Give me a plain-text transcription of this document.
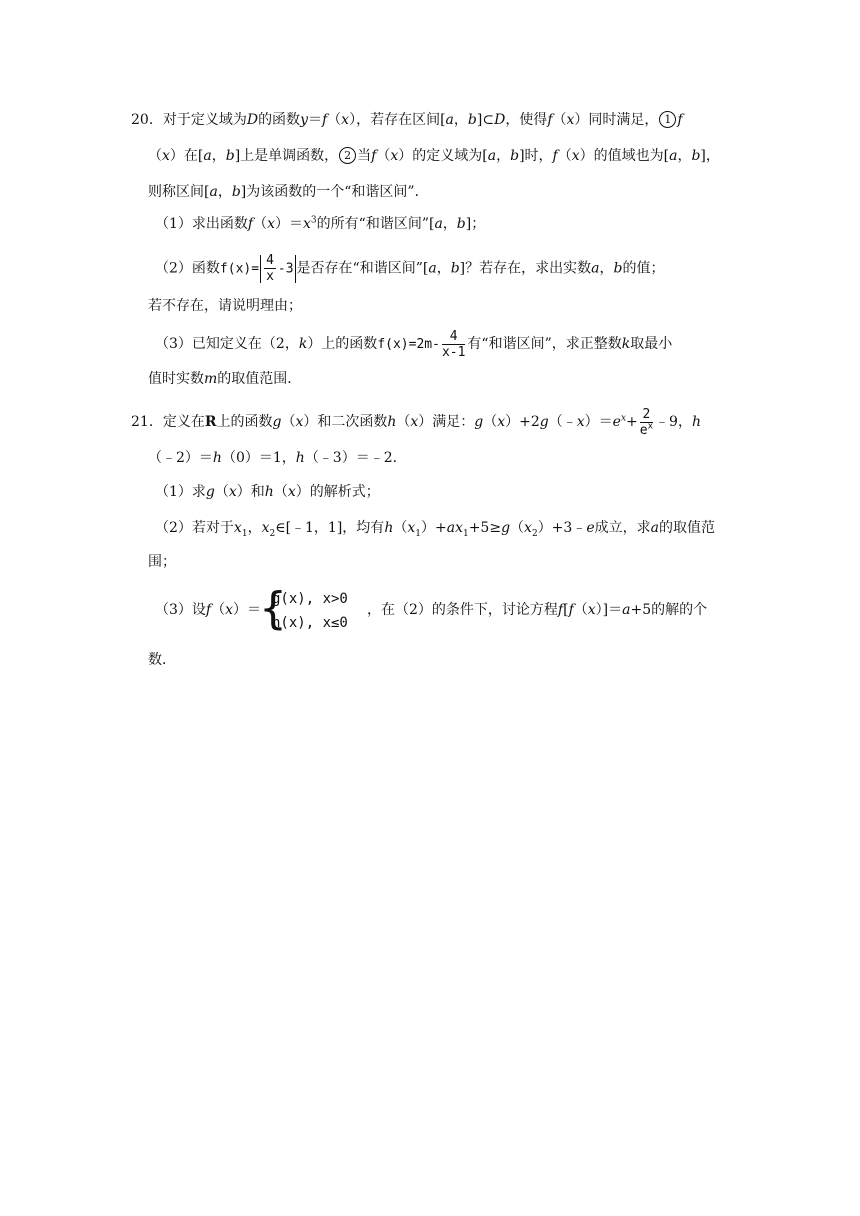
20．对于定义域为D的函数y＝f（x），若存在区间[a，b]⊂D，使得f（x）同时满足， 1 f
（x）在[a，b]上是单调函数， 2 当f（x）的定义域为[a，b]时，f（x）的值域也为[a，b]，
则称区间[a，b]为该函数的一个“和谐区间”．
（1）求出函数$f(x)=x^3$的所有“和谐区间”[a，b]；
（2）函数$f(x)= \frac{4}{x} -3$ 是否存在“和谐区间”[a，b]？若存在，求出实数a，b的值；
若不存在，请说明理由；
（3）已知定义在（2，k）上的函数$f(x)=2m- \frac{4}{x-1}$ 有“和谐区间”，求正整数k取最小
值时实数m的取值范围．
21．定义在R上的函数g（x）和二次函数h（x）满足：$g(x)+2g(﹣x)=e^x+ \frac{2}{e^x}$ ﹣9，h
（﹣2）＝h（0）＝1，h（﹣3）＝﹣2．
（1）求g（x）和h（x）的解析式；
（2）若对于$x_1$，$x_2\in[﹣1$，1]，均有$h(x_1)+ax_1+5\ge g(x_2)+3﹣e$成立，求a的取值范
围；
（3）设f（x）＝
{
g(x), x>0
h(x), x≤0
，在（2）的条件下，讨论方程f[f（x）]＝a+5的解的个
数．
